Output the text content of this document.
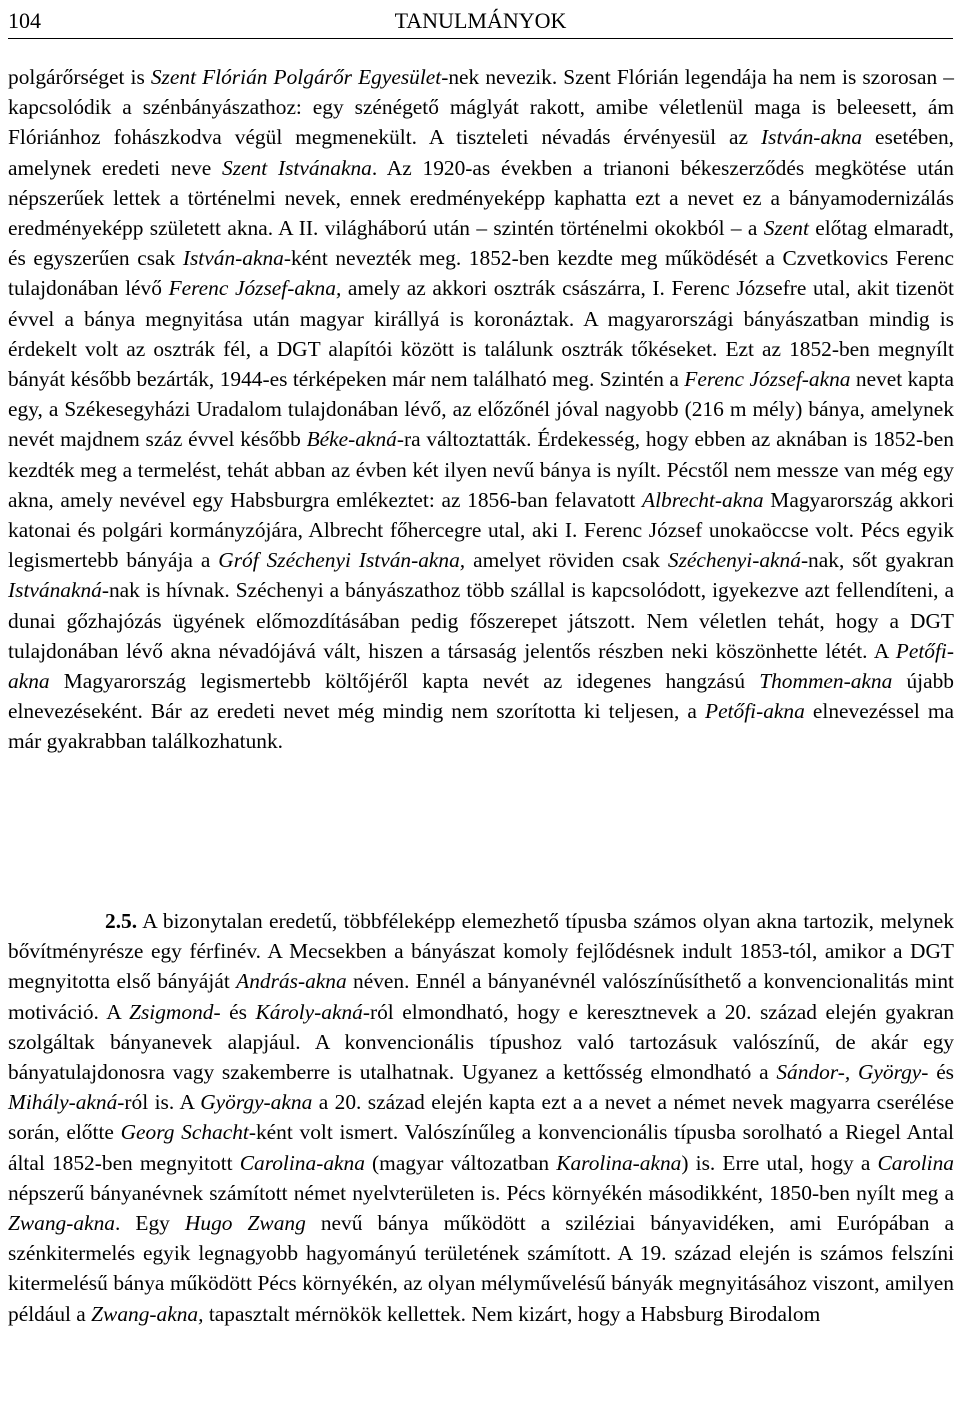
104	TANULMÁNYOK

polgárőrséget is Szent Flórián Polgárőr Egyesület-nek nevezik. Szent Flórián legendája ha nem is szorosan – kapcsolódik a szénbányászathoz: egy szénégető máglyát rakott, amibe véletlenül maga is beleesett, ám Flóriánhoz fohászkodva végül megmenekült. A tiszteleti névadás érvényesül az István-akna esetében, amelynek eredeti neve Szent Istvánakna. Az 1920-as években a trianoni békeszerződés megkötése után népszerűek lettek a történelmi nevek, ennek eredményeképp kaphatta ezt a nevet ez a bányamodernizálás eredményeképp született akna. A II. világháború után – szintén történelmi okokból – a Szent előtag elmaradt, és egyszerűen csak István-akna-ként nevezték meg. 1852-ben kezdte meg működését a Czvetkovics Ferenc tulajdonában lévő Ferenc József-akna, amely az akkori osztrák császárra, I. Ferenc Józsefre utal, akit tizenöt évvel a bánya megnyitása után magyar királlyá is koronáztak. A magyarországi bányászatban mindig is érdekelt volt az osztrák fél, a DGT alapítói között is találunk osztrák tőkéseket. Ezt az 1852-ben megnyílt bányát később bezárták, 1944-es térképeken már nem található meg. Szintén a Ferenc József-akna nevet kapta egy, a Székesegyházi Uradalom tulajdonában lévő, az előzőnél jóval nagyobb (216 m mély) bánya, amelynek nevét majdnem száz évvel később Béke-akná-ra változtatták. Érdekesség, hogy ebben az aknában is 1852-ben kezdték meg a termelést, tehát abban az évben két ilyen nevű bánya is nyílt. Pécstől nem messze van még egy akna, amely nevével egy Habsburgra emlékeztet: az 1856-ban felavatott Albrecht-akna Magyarország akkori katonai és polgári kormányzójára, Albrecht főhercegre utal, aki I. Ferenc József unokaöccse volt. Pécs egyik legismertebb bányája a Gróf Széchenyi István-akna, amelyet röviden csak Széchenyi-akná-nak, sőt gyakran Istvánakná-nak is hívnak. Széchenyi a bányászathoz több szállal is kapcsolódott, igyekezve azt fellendíteni, a dunai gőzhajózás ügyének előmozdításában pedig főszerepet játszott. Nem véletlen tehát, hogy a DGT tulajdonában lévő akna névadójává vált, hiszen a társaság jelentős részben neki köszönhette létét. A Petőfi-akna Magyarország legismertebb költőjéről kapta nevét az idegenes hangzású Thommen-akna újabb elnevezéseként. Bár az eredeti nevet még mindig nem szorította ki teljesen, a Petőfi-akna elnevezéssel ma már gyakrabban találkozhatunk.

2.5. A bizonytalan eredetű, többféleképp elemezhető típusba számos olyan akna tartozik, melynek bővítményrésze egy férfinév. A Mecsekben a bányászat komoly fejlődésnek indult 1853-tól, amikor a DGT megnyitotta első bányáját András-akna néven. Ennél a bányanévnél valószínűsíthető a konvencionalitás mint motiváció. A Zsigmond- és Károly-akná-ról elmondható, hogy e keresztnevek a 20. század elején gyakran szolgáltak bányanevek alapjául. A konvencionális típushoz való tartozásuk valószínű, de akár egy bányatulajdonosra vagy szakemberre is utalhatnak. Ugyanez a kettősség elmondható a Sándor-, György- és Mihály-akná-ról is. A György-akna a 20. század elején kapta ezt a a nevet a német nevek magyarra cserélése során, előtte Georg Schacht-ként volt ismert. Valószínűleg a konvencionális típusba sorolható a Riegel Antal által 1852-ben megnyitott Carolina-akna (magyar változatban Karolina-akna) is. Erre utal, hogy a Carolina népszerű bányanévnek számított német nyelvterületen is. Pécs környékén másodikként, 1850-ben nyílt meg a Zwang-akna. Egy Hugo Zwang nevű bánya működött a sziléziai bányavidéken, ami Európában a szénkitermelés egyik legnagyobb hagyományú területének számított. A 19. század elején is számos felszíni kitermelésű bánya működött Pécs környékén, az olyan mélyművelésű bányák megnyitásához viszont, amilyen például a Zwang-akna, tapasztalt mérnökök kellettek. Nem kizárt, hogy a Habsburg Birodalom
